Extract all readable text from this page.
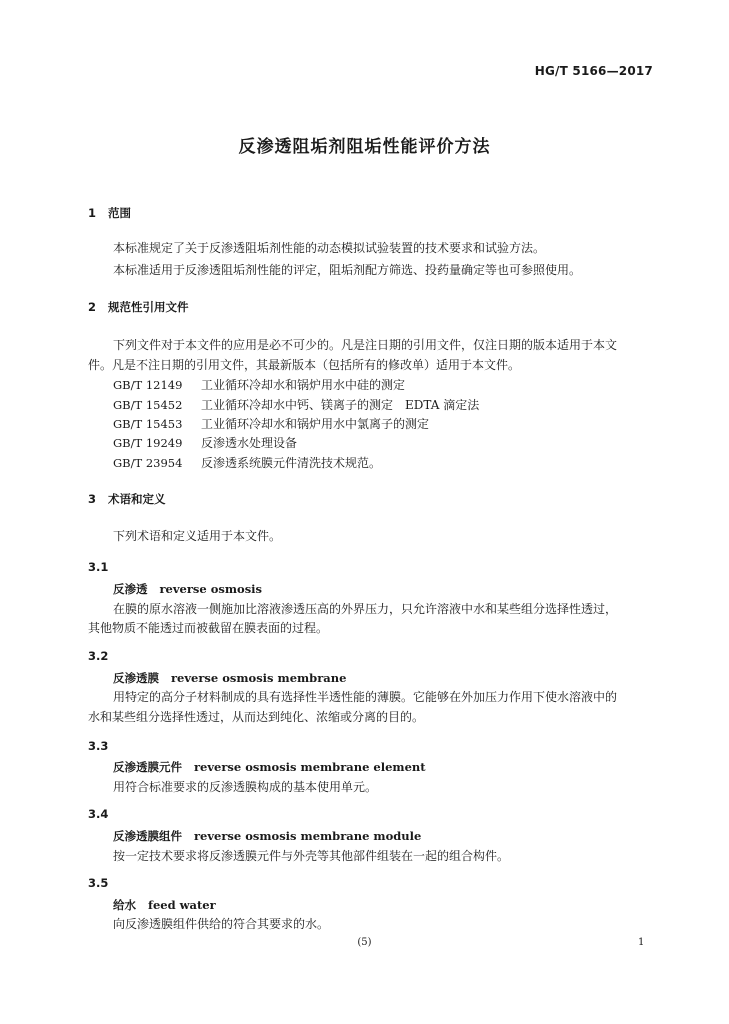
HG/T 5166—2017
反渗透阻垢剂阻垢性能评价方法
1 范围
本标准规定了关于反渗透阻垢剂性能的动态模拟试验装置的技术要求和试验方法。
本标准适用于反渗透阻垢剂性能的评定，阻垢剂配方筛选、投药量确定等也可参照使用。
2 规范性引用文件
下列文件对于本文件的应用是必不可少的。凡是注日期的引用文件，仅注日期的版本适用于本文
件。凡是不注日期的引用文件，其最新版本（包括所有的修改单）适用于本文件。
GB/T 12149 工业循环冷却水和锅炉用水中硅的测定
GB/T 15452 工业循环冷却水中钙、镁离子的测定　EDTA 滴定法
GB/T 15453 工业循环冷却水和锅炉用水中氯离子的测定
GB/T 19249 反渗透水处理设备
GB/T 23954 反渗透系统膜元件清洗技术规范。
3 术语和定义
下列术语和定义适用于本文件。
3.1
反渗透 reverse osmosis
在膜的原水溶液一侧施加比溶液渗透压高的外界压力，只允许溶液中水和某些组分选择性透过，
其他物质不能透过而被截留在膜表面的过程。
3.2
反渗透膜 reverse osmosis membrane
用特定的高分子材料制成的具有选择性半透性能的薄膜。它能够在外加压力作用下使水溶液中的
水和某些组分选择性透过，从而达到纯化、浓缩或分离的目的。
3.3
反渗透膜元件 reverse osmosis membrane element
用符合标准要求的反渗透膜构成的基本使用单元。
3.4
反渗透膜组件 reverse osmosis membrane module
按一定技术要求将反渗透膜元件与外壳等其他部件组装在一起的组合构件。
3.5
给水 feed water
向反渗透膜组件供给的符合其要求的水。
(5)	1
